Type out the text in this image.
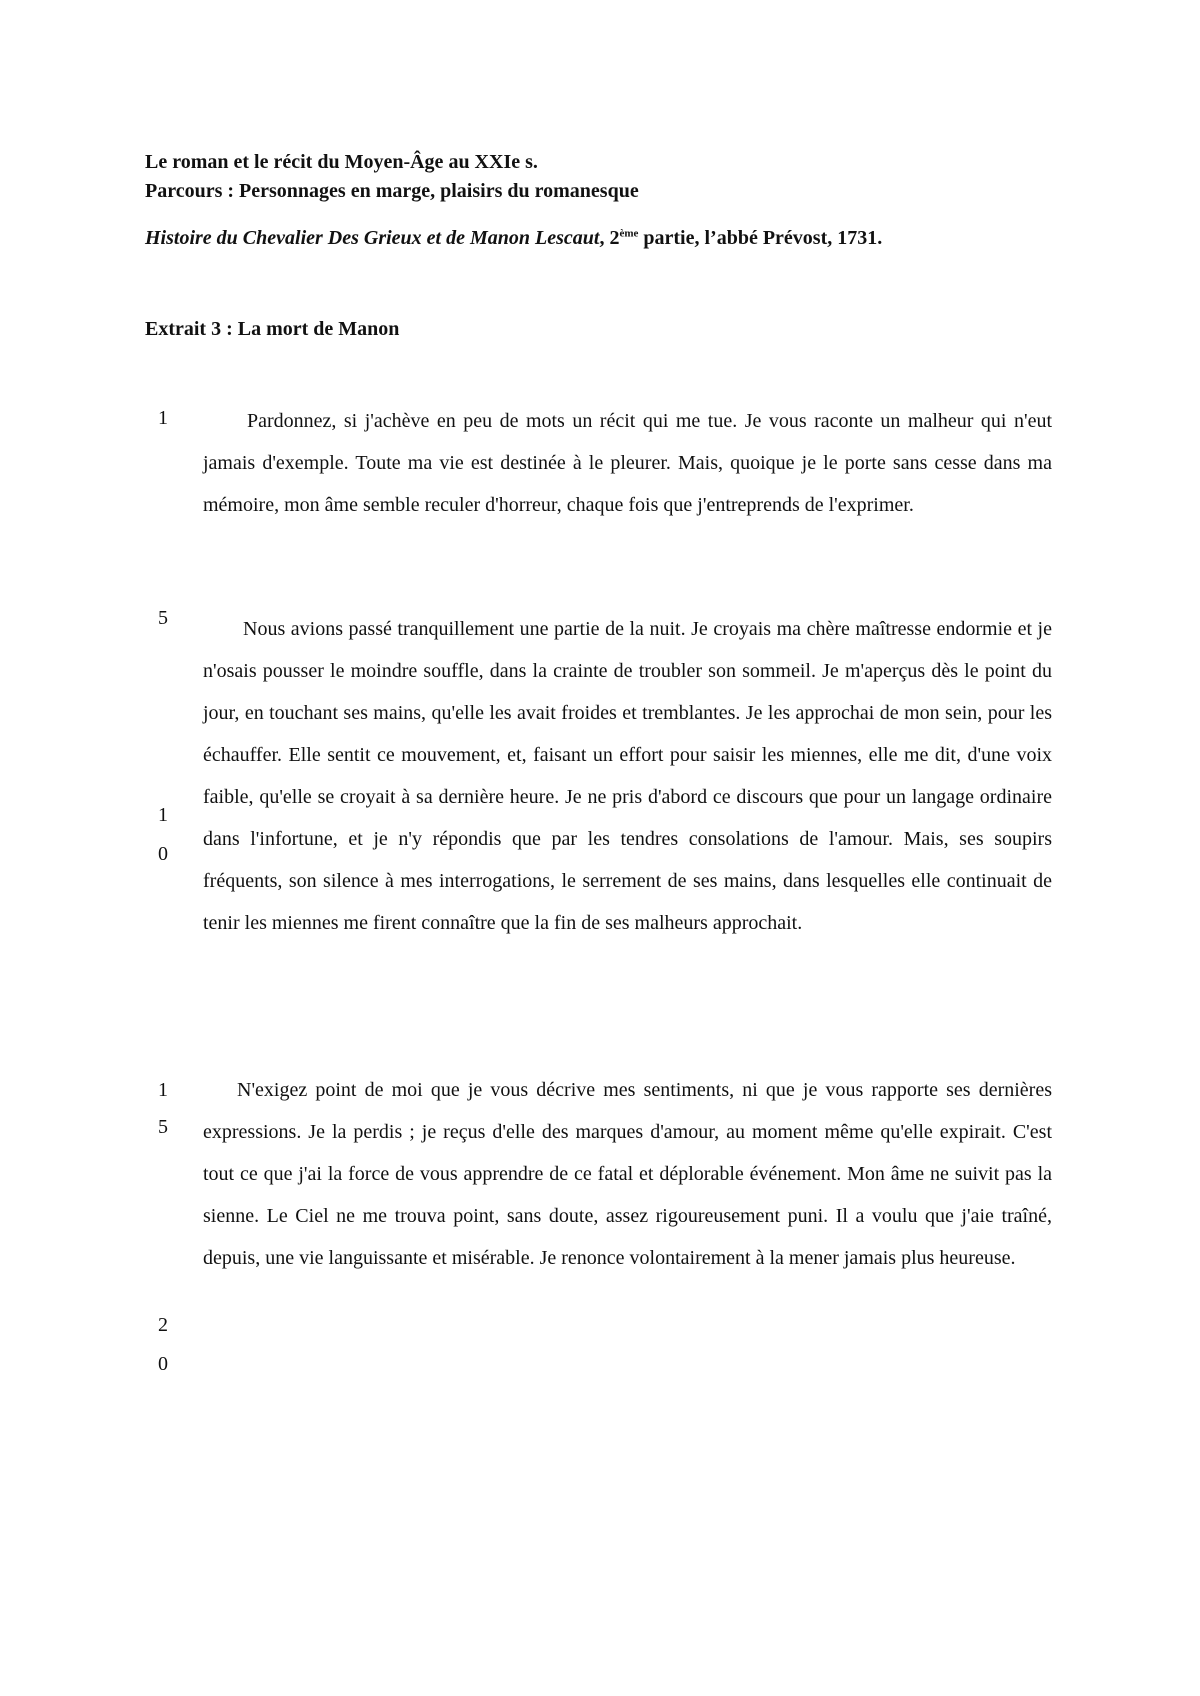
Le roman et le récit du Moyen-Âge au XXIe s.
Parcours : Personnages en marge, plaisirs du romanesque
Histoire du Chevalier Des Grieux et de Manon Lescaut, 2ème partie, l’abbé Prévost, 1731.
Extrait 3 : La mort de Manon

Pardonnez, si j'achève en peu de mots un récit qui me tue. Je vous raconte un malheur qui n'eut jamais d'exemple. Toute ma vie est destinée à le pleurer. Mais, quoique je le porte sans cesse dans ma mémoire, mon âme semble reculer d'horreur, chaque fois que j'entreprends de l'exprimer.

Nous avions passé tranquillement une partie de la nuit. Je croyais ma chère maîtresse endormie et je n'osais pousser le moindre souffle, dans la crainte de troubler son sommeil. Je m'aperçus dès le point du jour, en touchant ses mains, qu'elle les avait froides et tremblantes. Je les approchai de mon sein, pour les échauffer. Elle sentit ce mouvement, et, faisant un effort pour saisir les miennes, elle me dit, d'une voix faible, qu'elle se croyait à sa dernière heure. Je ne pris d'abord ce discours que pour un langage ordinaire dans l'infortune, et je n'y répondis que par les tendres consolations de l'amour. Mais, ses soupirs fréquents, son silence à mes interrogations, le serrement de ses mains, dans lesquelles elle continuait de tenir les miennes me firent connaître que la fin de ses malheurs approchait.

N'exigez point de moi que je vous décrive mes sentiments, ni que je vous rapporte ses dernières expressions. Je la perdis ; je reçus d'elle des marques d'amour, au moment même qu'elle expirait. C'est tout ce que j'ai la force de vous apprendre de ce fatal et déplorable événement. Mon âme ne suivit pas la sienne. Le Ciel ne me trouva point, sans doute, assez rigoureusement puni. Il a voulu que j'aie traîné, depuis, une vie languissante et misérable. Je renonce volontairement à la mener jamais plus heureuse.

1
5
1
0
1
5
2
0
